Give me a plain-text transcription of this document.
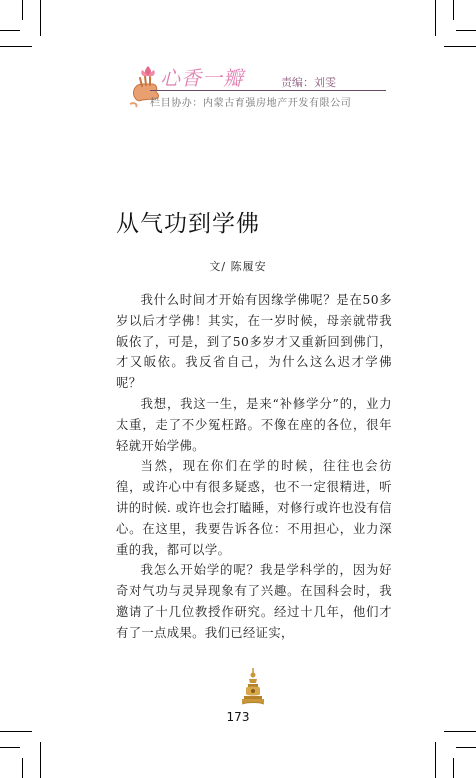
心香一瓣	责编：刘雯
栏目协办：内蒙古育强房地产开发有限公司
从气功到学佛
文/ 陈履安

我什么时间才开始有因缘学佛呢？是在50多岁以后才学佛！其实，在一岁时候，母亲就带我皈依了，可是，到了50多岁才又重新回到佛门，才又皈依。我反省自己，为什么这么迟才学佛呢？

我想，我这一生，是来“补修学分”的，业力太重，走了不少冤枉路。不像在座的各位，很年轻就开始学佛。

当然，现在你们在学的时候，往往也会彷徨，或许心中有很多疑惑，也不一定很精进，听讲的时候. 或许也会打瞌睡，对修行或许也没有信心。在这里，我要告诉各位：不用担心，业力深重的我，都可以学。

我怎么开始学的呢？我是学科学的，因为好奇对气功与灵异现象有了兴趣。在国科会时，我邀请了十几位教授作研究。经过十几年，他们才有了一点成果。我们已经证实，

173
